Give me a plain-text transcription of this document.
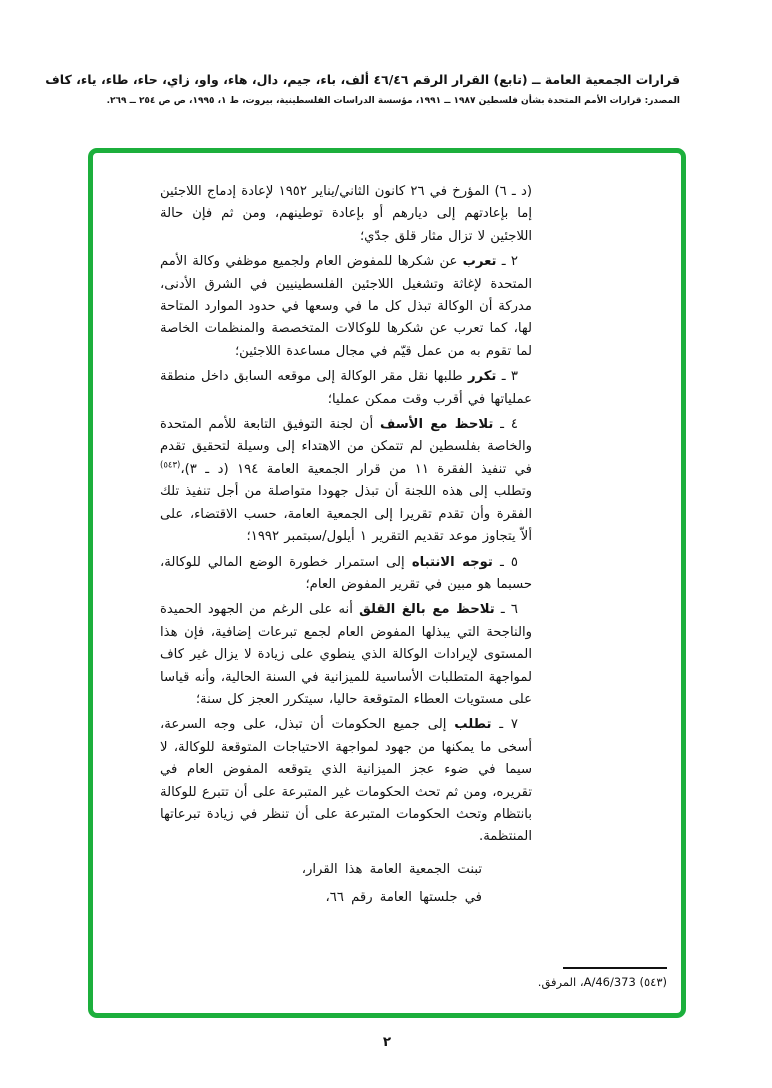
قرارات الجمعية العامة ــ (تابع) القرار الرقم ٤٦/٤٦ ألف، باء، جيم، دال، هاء، واو، زاي، حاء، طاء، ياء، كاف
المصدر: قرارات الأمم المتحدة بشأن فلسطين ١٩٨٧ ــ ١٩٩١، مؤسسة الدراسات الفلسطينية، بيروت، ط ١، ١٩٩٥، ص ص ٢٥٤ ــ ٢٦٩.

(د ـ ٦) المؤرخ في ٢٦ كانون الثاني/يناير ١٩٥٢ لإعادة إدماج اللاجئين إما بإعادتهم إلى ديارهم أو بإعادة توطينهم، ومن ثم فإن حالة اللاجئين لا تزال مثار قلق جدّي؛

٢ ـ تعرب عن شكرها للمفوض العام ولجميع موظفي وكالة الأمم المتحدة لإغاثة وتشغيل اللاجئين الفلسطينيين في الشرق الأدنى، مدركة أن الوكالة تبذل كل ما في وسعها في حدود الموارد المتاحة لها، كما تعرب عن شكرها للوكالات المتخصصة والمنظمات الخاصة لما تقوم به من عمل قيّم في مجال مساعدة اللاجئين؛

٣ ـ تكرر طلبها نقل مقر الوكالة إلى موقعه السابق داخل منطقة عملياتها في أقرب وقت ممكن عمليا؛

٤ ـ تلاحظ مع الأسف أن لجنة التوفيق التابعة للأمم المتحدة والخاصة بفلسطين لم تتمكن من الاهتداء إلى وسيلة لتحقيق تقدم في تنفيذ الفقرة ١١ من قرار الجمعية العامة ١٩٤ (د ـ ٣)،$^{(٥٤٣)}$ وتطلب إلى هذه اللجنة أن تبذل جهودا متواصلة من أجل تنفيذ تلك الفقرة وأن تقدم تقريرا إلى الجمعية العامة، حسب الاقتضاء، على ألاّ يتجاوز موعد تقديم التقرير ١ أيلول/سبتمبر ١٩٩٢؛

٥ ـ توجه الانتباه إلى استمرار خطورة الوضع المالي للوكالة، حسبما هو مبين في تقرير المفوض العام؛

٦ ـ تلاحظ مع بالغ القلق أنه على الرغم من الجهود الحميدة والناجحة التي يبذلها المفوض العام لجمع تبرعات إضافية، فإن هذا المستوى لإيرادات الوكالة الذي ينطوي على زيادة لا يزال غير كاف لمواجهة المتطلبات الأساسية للميزانية في السنة الحالية، وأنه قياسا على مستويات العطاء المتوقعة حاليا، سيتكرر العجز كل سنة؛

٧ ـ تطلب إلى جميع الحكومات أن تبذل، على وجه السرعة، أسخى ما يمكنها من جهود لمواجهة الاحتياجات المتوقعة للوكالة، لا سيما في ضوء عجز الميزانية الذي يتوقعه المفوض العام في تقريره، ومن ثم تحث الحكومات غير المتبرعة على أن تتبرع للوكالة بانتظام وتحث الحكومات المتبرعة على أن تنظر في زيادة تبرعاتها المنتظمة.

تبنت الجمعية العامة هذا القرار،

في جلستها العامة رقم ٦٦،

(٥٤٣) A/46/373، المرفق.
٢
